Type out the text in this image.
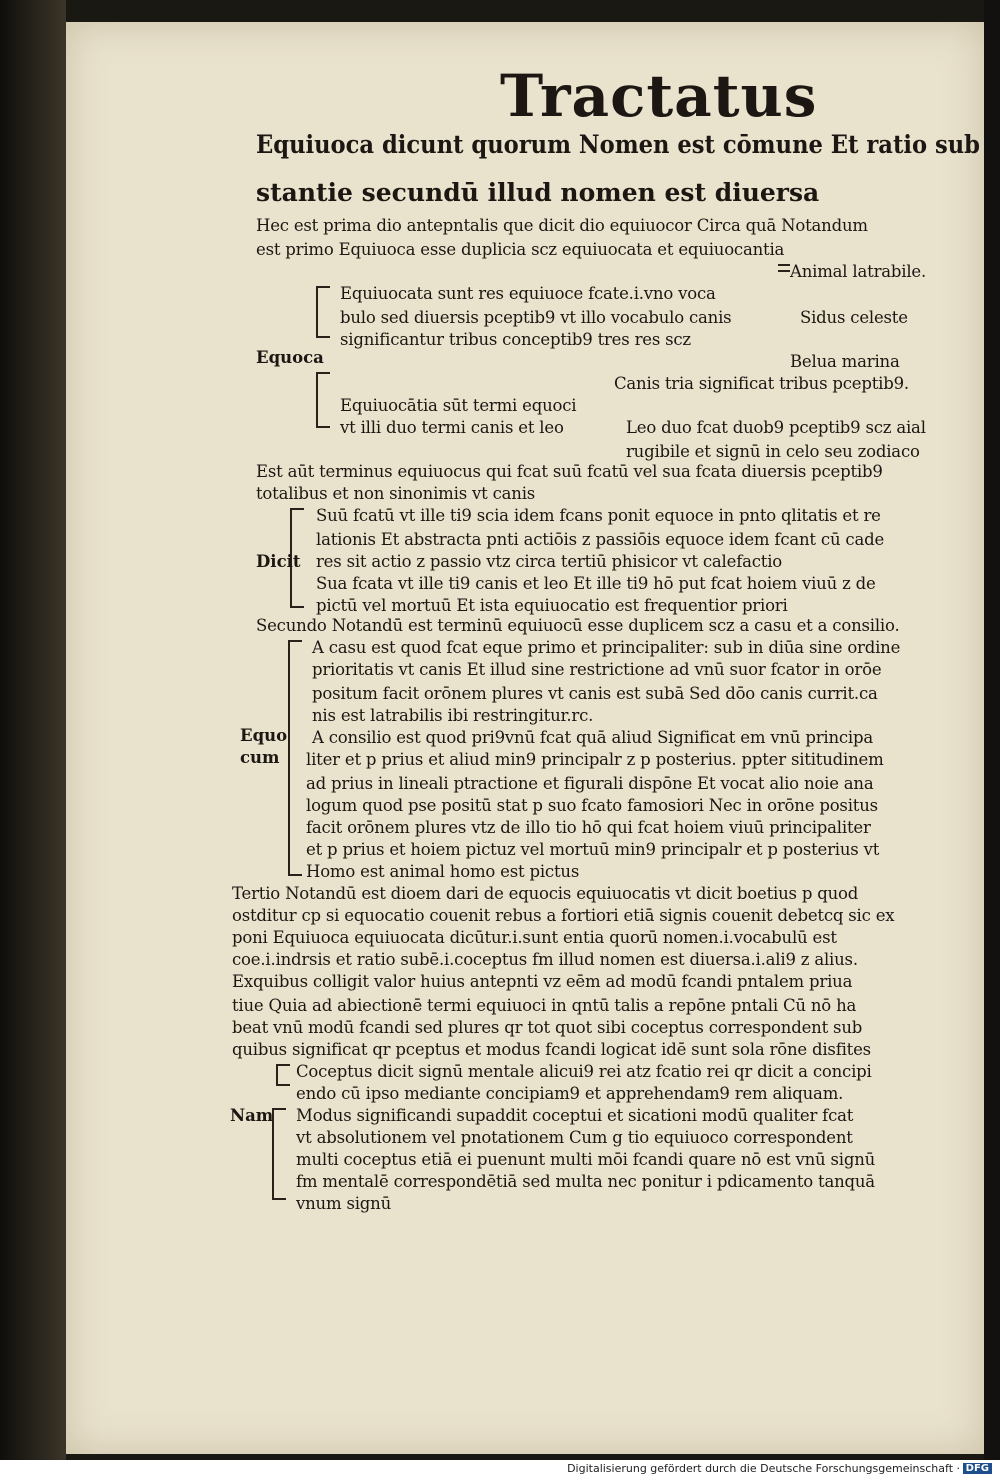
Tractatus
Equiuoca dicunt quorum Nomen est cōmune Et ratio sub
stantie secundū illud nomen est diuersa
Hec est prima dio antepntalis que dicit dio equiuocor Circa quā Notandum
est primo Equiuoca esse duplicia scz equiuocata et equiuocantia
Animal latrabile.
Equiuocata sunt res equiuoce fcate.i.vno voca
bulo sed diuersis pceptib9 vt illo vocabulo canis
significantur tribus conceptib9 tres res scz
Sidus celeste
Equoca	Belua marina
Canis tria significat tribus pceptib9.
Equiuocātia sūt termi equoci
vt illi duo termi canis et leo	Leo duo fcat duob9 pceptib9 scz aial
rugibile et signū in celo seu zodiaco
Est aūt terminus equiuocus qui fcat suū fcatū vel sua fcata diuersis pceptib9
totalibus et non sinonimis vt canis
Suū fcatū vt ille ti9 scia idem fcans ponit equoce in pnto qlitatis et re
lationis Et abstracta pnti actiōis z passiōis equoce idem fcant cū cade
Dicit res sit actio z passio vtz circa tertiū phisicor vt calefactio
Sua fcata vt ille ti9 canis et leo Et ille ti9 hō put fcat hoiem viuū z de
pictū vel mortuū Et ista equiuocatio est frequentior priori
Secundo Notandū est terminū equiuocū esse duplicem scz a casu et a consilio.
A casu est quod fcat eque primo et principaliter: sub in diūa sine ordine
prioritatis vt canis Et illud sine restrictione ad vnū suor fcator in orōe
positum facit orōnem plures vt canis est subā Sed dōo canis currit.ca
nis est latrabilis ibi restringitur.rc.
Equo
cum
A consilio est quod pri9vnū fcat quā aliud Significat em vnū principa
liter et p prius et aliud min9 principalr z p posterius. ppter sititudinem
ad prius in lineali ptractione et figurali dispōne Et vocat alio noie ana
logum quod pse positū stat p suo fcato famosiori Nec in orōne positus
facit orōnem plures vtz de illo tio hō qui fcat hoiem viuū principaliter
et p prius et hoiem pictuz vel mortuū min9 principalr et p posterius vt
Homo est animal homo est pictus
Tertio Notandū est dioem dari de equocis equiuocatis vt dicit boetius p quod
ostditur cp si equocatio couenit rebus a fortiori etiā signis couenit debetcq sic ex
poni Equiuoca equiuocata dicūtur.i.sunt entia quorū nomen.i.vocabulū est
coe.i.indrsis et ratio subē.i.coceptus fm illud nomen est diuersa.i.ali9 z alius.
Exquibus colligit valor huius antepnti vz eēm ad modū fcandi pntalem priua
tiue Quia ad abiectionē termi equiuoci in qntū talis a repōne pntali Cū nō ha
beat vnū modū fcandi sed plures qr tot quot sibi coceptus correspondent sub
quibus significat qr pceptus et modus fcandi logicat idē sunt sola rōne disfites
Coceptus dicit signū mentale alicui9 rei atz fcatio rei qr dicit a concipi
endo cū ipso mediante concipiam9 et apprehendam9 rem aliquam.
Nam Modus significandi supaddit coceptui et sicationi modū qualiter fcat
vt absolutionem vel pnotationem Cum g tio equiuoco correspondent
multi coceptus etiā ei puenunt multi mōi fcandi quare nō est vnū signū
fm mentalē correspondētiā sed multa nec ponitur i pdicamento tanquā
vnum signū
Digitalisierung gefördert durch die Deutsche Forschungsgemeinschaft · DFG
